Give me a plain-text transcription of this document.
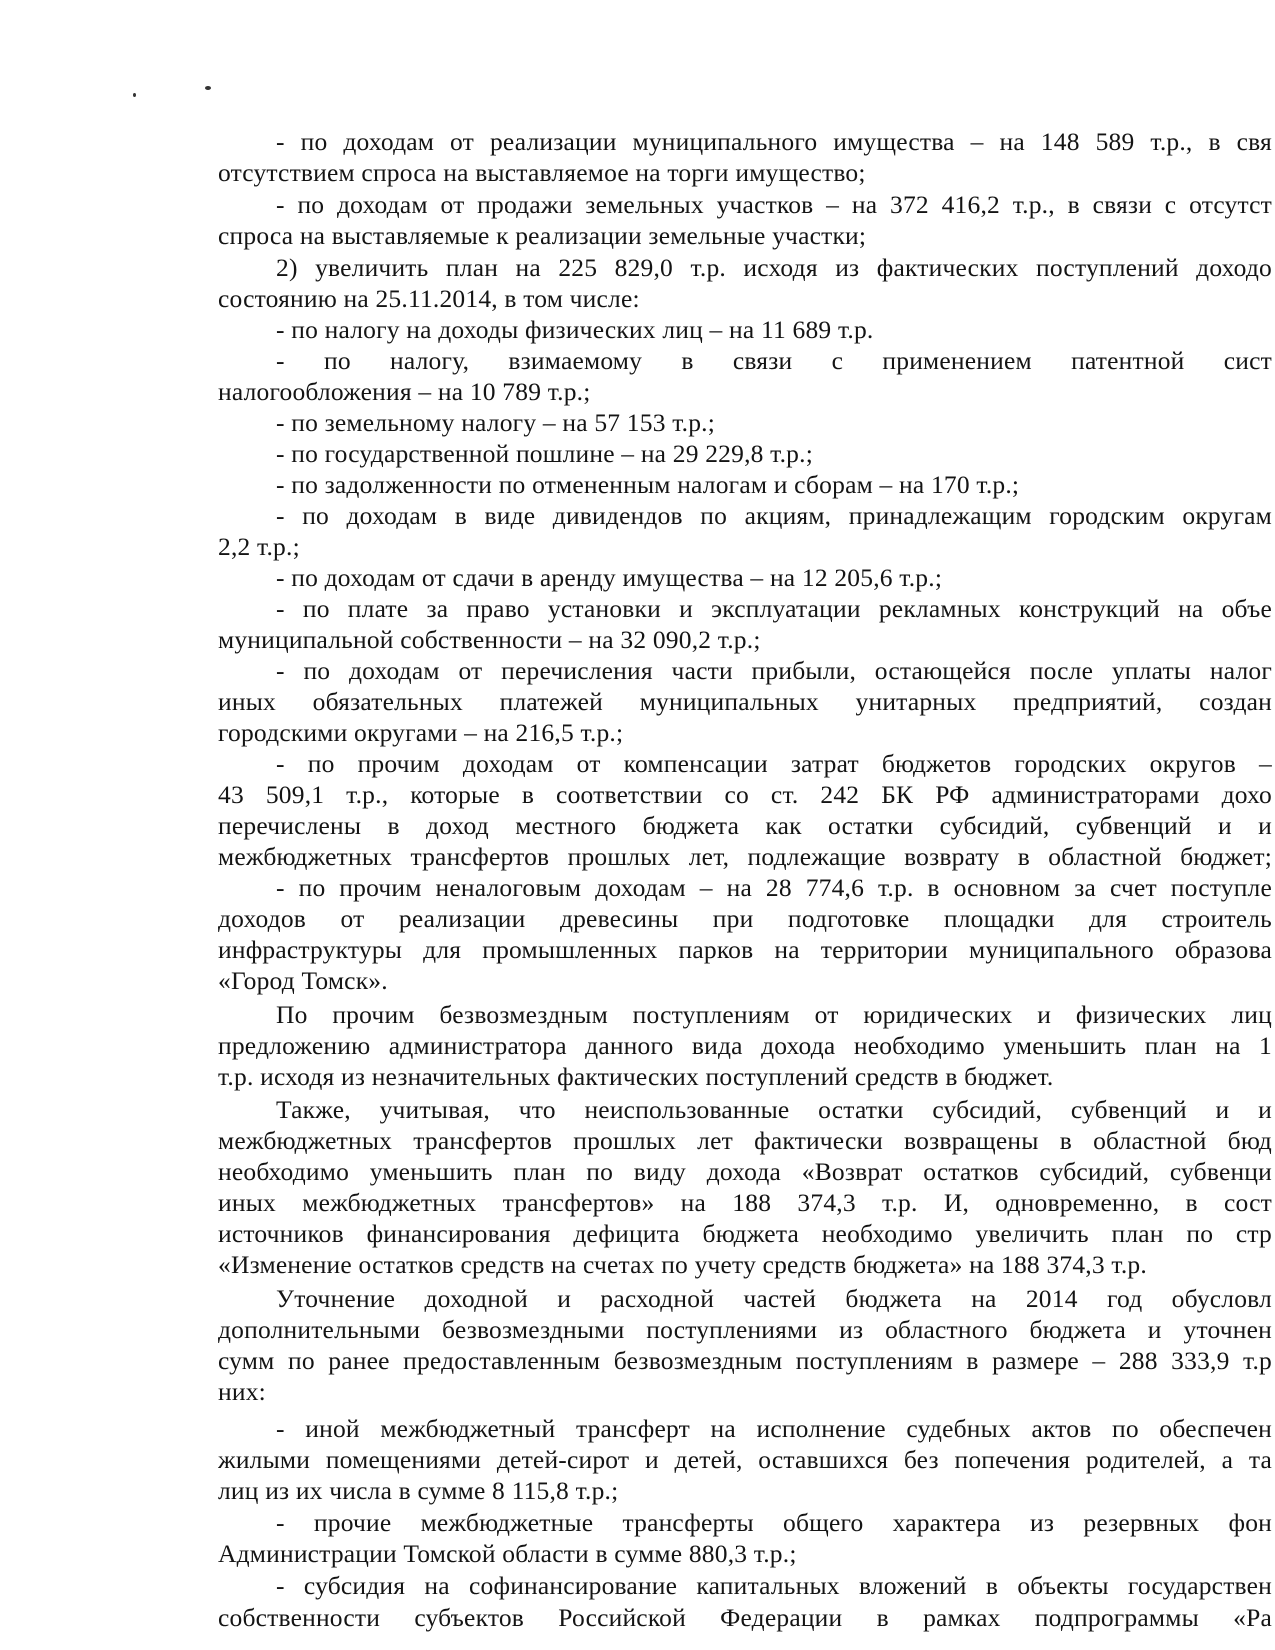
- по доходам от реализации муниципального имущества – на 148 589 т.р., в свя
отсутствием спроса на выставляемое на торги имущество;
- по доходам от продажи земельных участков – на 372 416,2 т.р., в связи с отсутст
спроса на выставляемые к реализации земельные участки;
2) увеличить план на 225 829,0 т.р. исходя из фактических поступлений доходо
состоянию на 25.11.2014, в том числе:
- по налогу на доходы физических лиц – на 11 689 т.р.
- по налогу, взимаемому в связи с применением патентной сист
налогообложения – на 10 789 т.р.;
- по земельному налогу – на 57 153 т.р.;
- по государственной пошлине – на 29 229,8 т.р.;
- по задолженности по отмененным налогам и сборам – на 170 т.р.;
- по доходам в виде дивидендов по акциям, принадлежащим городским округам
2,2 т.р.;
- по доходам от сдачи в аренду имущества – на 12 205,6 т.р.;
- по плате за право установки и эксплуатации рекламных конструкций на объе
муниципальной собственности – на 32 090,2 т.р.;
- по доходам от перечисления части прибыли, остающейся после уплаты налог
иных обязательных платежей муниципальных унитарных предприятий, создан
городскими округами – на 216,5 т.р.;
- по прочим доходам от компенсации затрат бюджетов городских округов –
43 509,1 т.р., которые в соответствии со ст. 242 БК РФ администраторами дохо
перечислены в доход местного бюджета как остатки субсидий, субвенций и и
межбюджетных трансфертов прошлых лет, подлежащие возврату в областной бюджет;
- по прочим неналоговым доходам – на 28 774,6 т.р. в основном за счет поступле
доходов от реализации древесины при подготовке площадки для строитель
инфраструктуры для промышленных парков на территории муниципального образова
«Город Томск».
По прочим безвозмездным поступлениям от юридических и физических лиц
предложению администратора данного вида дохода необходимо уменьшить план на 1
т.р. исходя из незначительных фактических поступлений средств в бюджет.
Также, учитывая, что неиспользованные остатки субсидий, субвенций и и
межбюджетных трансфертов прошлых лет фактически возвращены в областной бюд
необходимо уменьшить план по виду дохода «Возврат остатков субсидий, субвенци
иных межбюджетных трансфертов» на 188 374,3 т.р. И, одновременно, в сост
источников финансирования дефицита бюджета необходимо увеличить план по стр
«Изменение остатков средств на счетах по учету средств бюджета» на 188 374,3 т.р.
Уточнение доходной и расходной частей бюджета на 2014 год обусловл
дополнительными безвозмездными поступлениями из областного бюджета и уточнен
сумм по ранее предоставленным безвозмездным поступлениям в размере – 288 333,9 т.р
них:
- иной межбюджетный трансферт на исполнение судебных актов по обеспечен
жилыми помещениями детей-сирот и детей, оставшихся без попечения родителей, а та
лиц из их числа в сумме 8 115,8 т.р.;
- прочие межбюджетные трансферты общего характера из резервных фон
Администрации Томской области в сумме 880,3 т.р.;
- субсидия на софинансирование капитальных вложений в объекты государствен
собственности субъектов Российской Федерации в рамках подпрограммы «Ра
